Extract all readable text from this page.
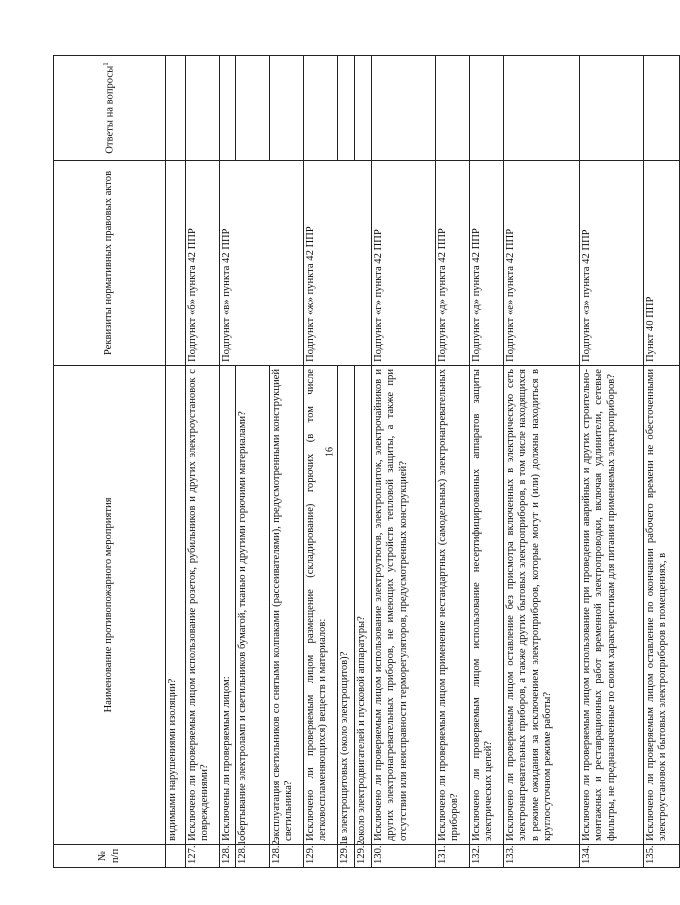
16
№ п/п	Наименование противопожарного мероприятия	Реквизиты нормативных правовых актов	Ответы на вопросы$^1$
	видимыми нарушениями изоляции?		
127.	Исключено ли проверяемым лицом использование розеток, рубильников и других электроустановок с повреждениями?	Подпункт «б» пункта 42 ППР	
128.	Исключены ли проверяемым лицом:	Подпункт «в» пункта 42 ППР	
128.1.	обертывание электроламп и светильников бумагой, тканью и другими горючими материалами?		
128.2.	эксплуатация светильников со снятыми колпаками (рассеивателями), предусмотренными конструкцией светильника?		
129.	Исключено ли проверяемым лицом размещение (складирование) горючих (в том числе легковоспламеняющихся) веществ и материалов:	Подпункт «ж» пункта 42 ППР	
129.1.	в электрощитовых (около электрощитов)?		
129.2.	около электродвигателей и пусковой аппаратуры?		
130.	Исключено ли проверяемым лицом использование электроутюгов, электроплиток, электрочайников и других электронагревательных приборов, не имеющих устройств тепловой защиты, а также при отсутствии или неисправности терморегуляторов, предусмотренных конструкцией?	Подпункт «г» пункта 42 ППР	
131.	Исключено ли проверяемым лицом применение нестандартных (самодельных) электронагревательных приборов?	Подпункт «д» пункта 42 ППР	
132.	Исключено ли проверяемым лицом использование несертифицированных аппаратов защиты электрических цепей?	Подпункт «д» пункта 42 ППР	
133.	Исключено ли проверяемым лицом оставление без присмотра включенных в электрическую сеть электронагревательных приборов, а также других бытовых электроприборов, в том числе находящихся в режиме ожидания за исключением электроприборов, которые могут и (или) должны находиться в круглосуточном режиме работы?	Подпункт «е» пункта 42 ППР	
134.	Исключено ли проверяемым лицом использование при проведении аварийных и других строительно-монтажных и реставрационных работ временной электропроводки, включая удлинители, сетевые фильтры, не предназначенные по своим характеристикам для питания применяемых электроприборов?	Подпункт «з» пункта 42 ППР	
135.	Исключено ли проверяемым лицом оставление по окончании рабочего времени не обесточенными электроустановок и бытовых электроприборов в помещениях, в	Пункт 40 ППР	
